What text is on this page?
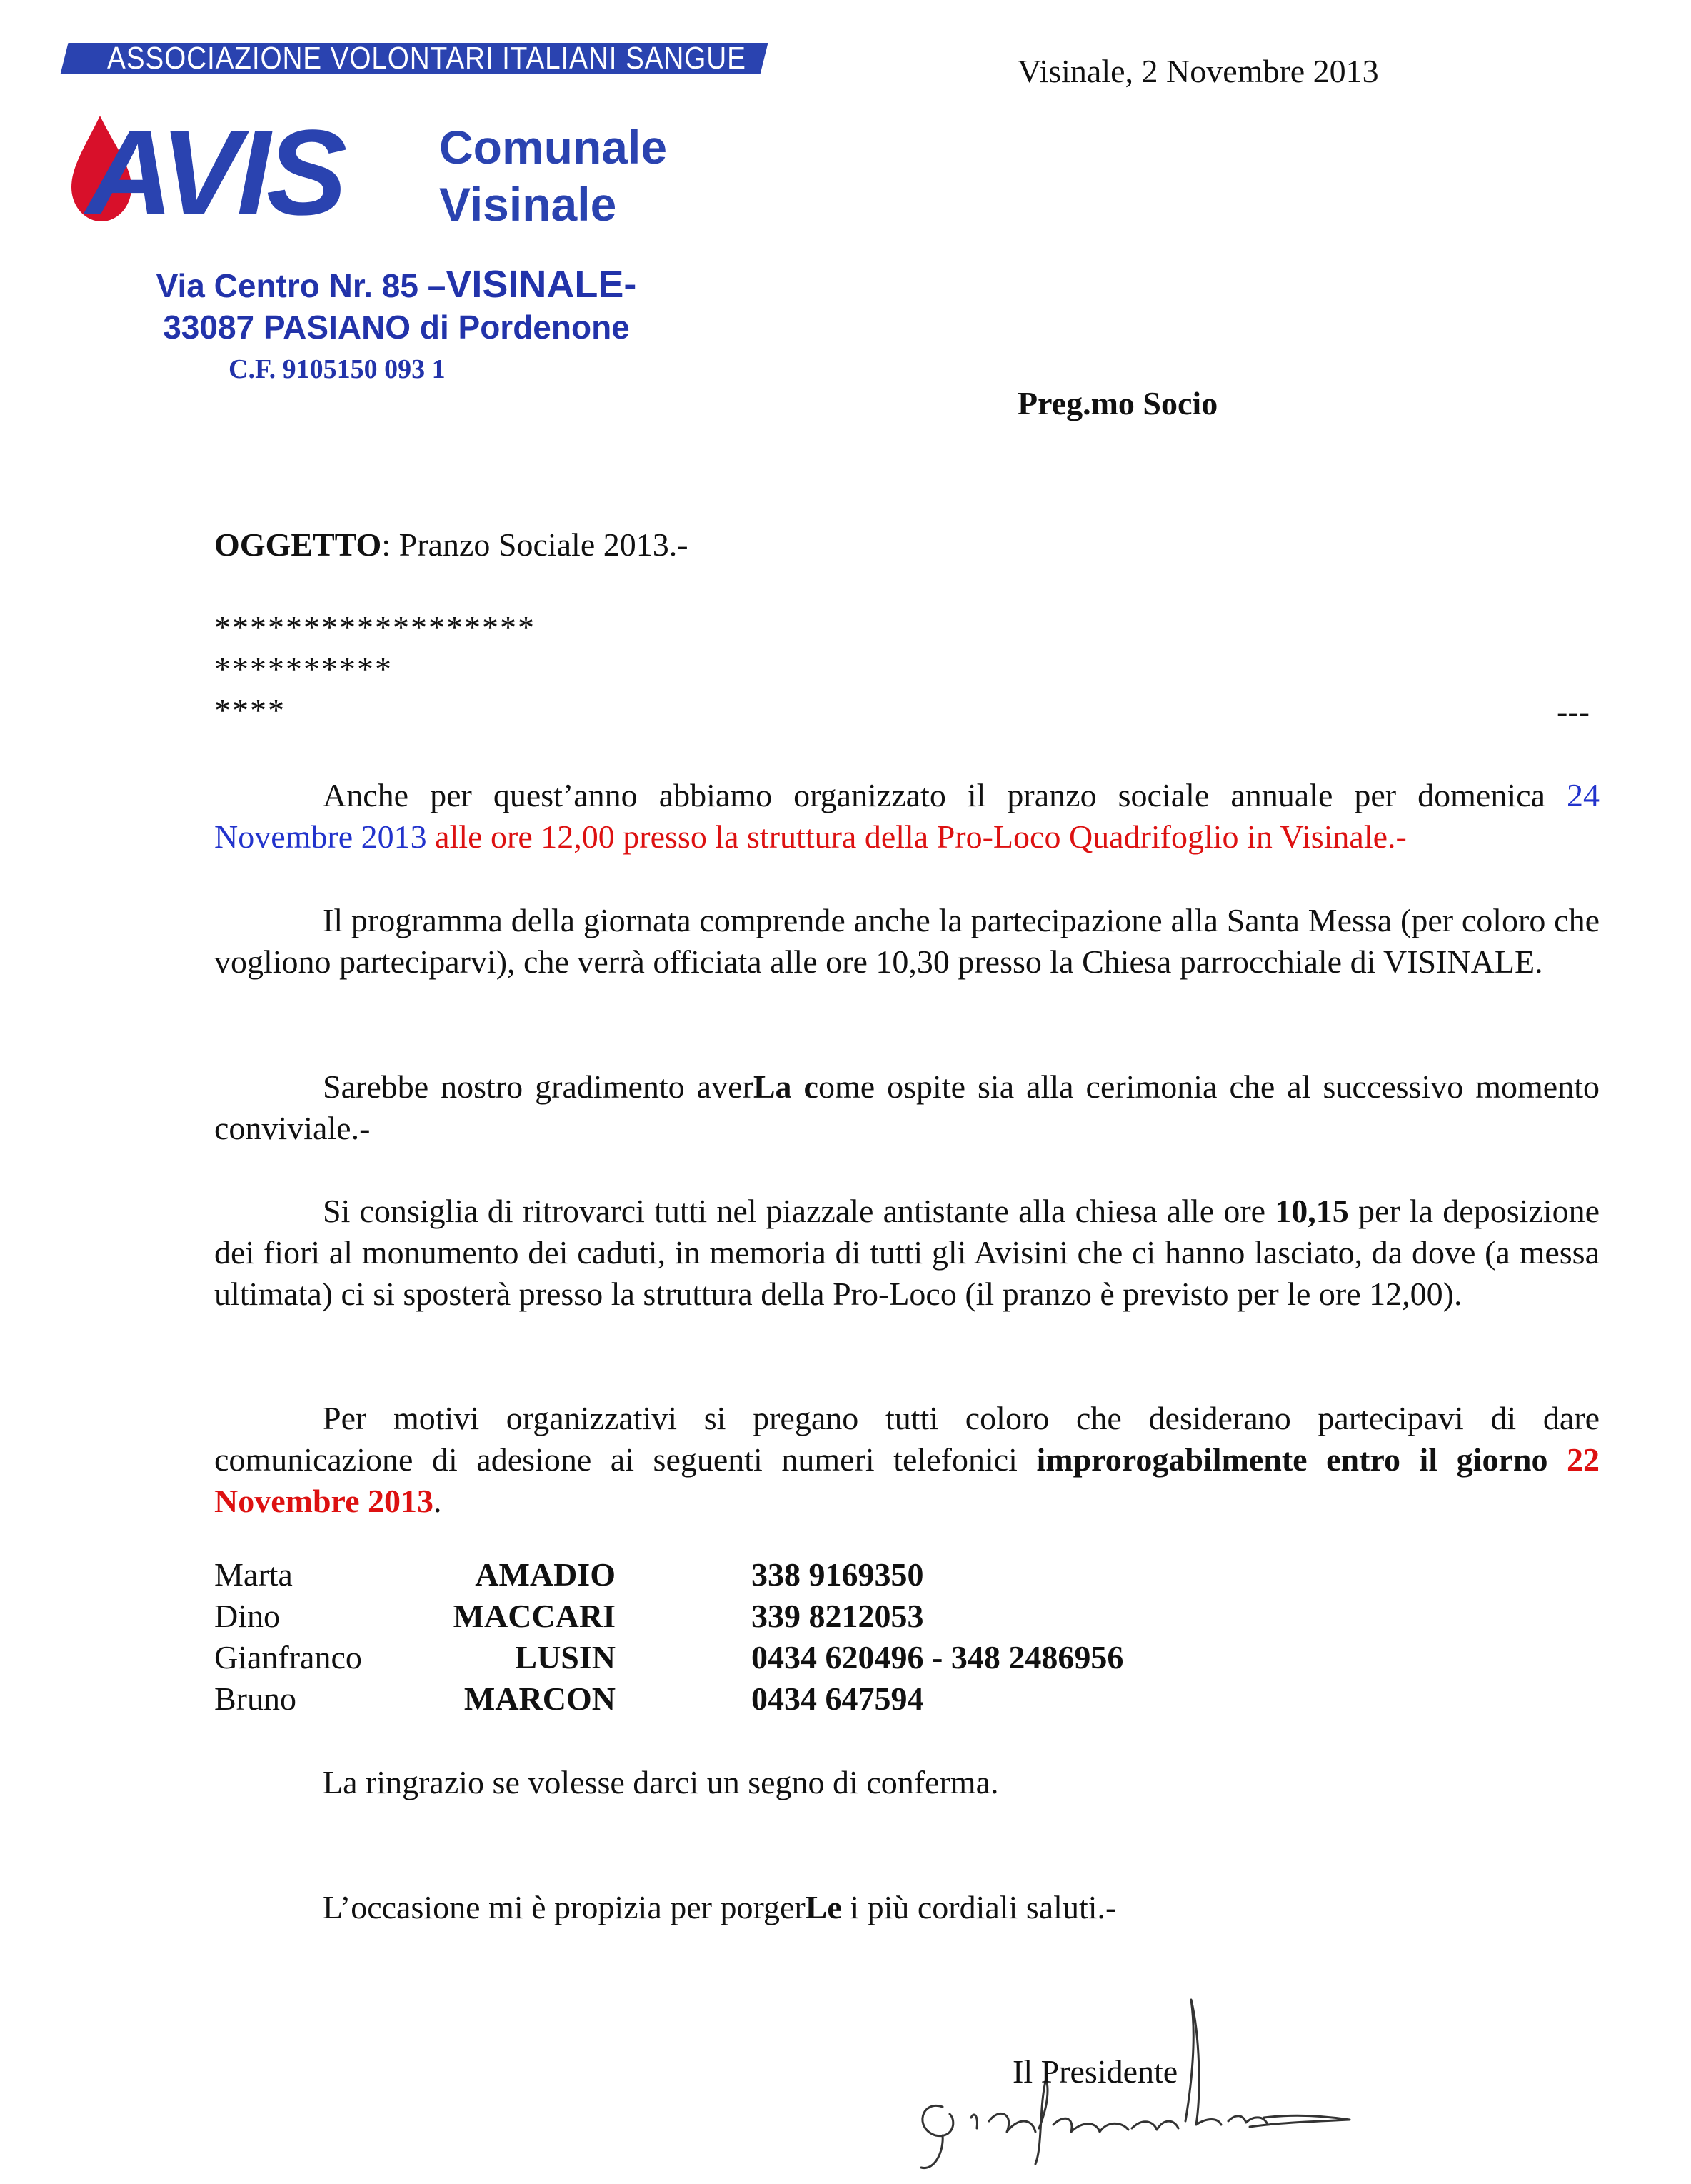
ASSOCIAZIONE VOLONTARI ITALIANI SANGUE
AVIS Comunale
Visinale
Via Centro Nr. 85 –VISINALE-
33087 PASIANO di Pordenone
C.F. 9105150 093 1
Visinale, 2 Novembre 2013
Preg.mo Socio
OGGETTO: Pranzo Sociale 2013.-
******************
**********
****	---
Anche per quest’anno abbiamo organizzato il pranzo sociale annuale per domenica 24 Novembre 2013 alle ore 12,00 presso la struttura della Pro-Loco Quadrifoglio in Visinale.-
Il programma della giornata comprende anche la partecipazione alla Santa Messa (per coloro che vogliono parteciparvi), che verrà officiata alle ore 10,30 presso la Chiesa parrocchiale di VISINALE.
Sarebbe nostro gradimento averLa come ospite sia alla cerimonia che al successivo momento conviviale.-
Si consiglia di ritrovarci tutti nel piazzale antistante alla chiesa alle ore 10,15 per la deposizione dei fiori al monumento dei caduti, in memoria di tutti gli Avisini che ci hanno lasciato, da dove (a messa ultimata) ci si sposterà presso la struttura della Pro-Loco (il pranzo è previsto per le ore 12,00).
Per motivi organizzativi si pregano tutti coloro che desiderano partecipavi di dare comunicazione di adesione ai seguenti numeri telefonici improrogabilmente entro il giorno 22 Novembre 2013.
Marta	AMADIO	338 9169350
Dino	MACCARI	339 8212053
Gianfranco	LUSIN	0434 620496 - 348 2486956
Bruno	MARCON	0434 647594
La ringrazio se volesse darci un segno di conferma.
L’occasione mi è propizia per porgerLe i più cordiali saluti.-
Il Presidente
